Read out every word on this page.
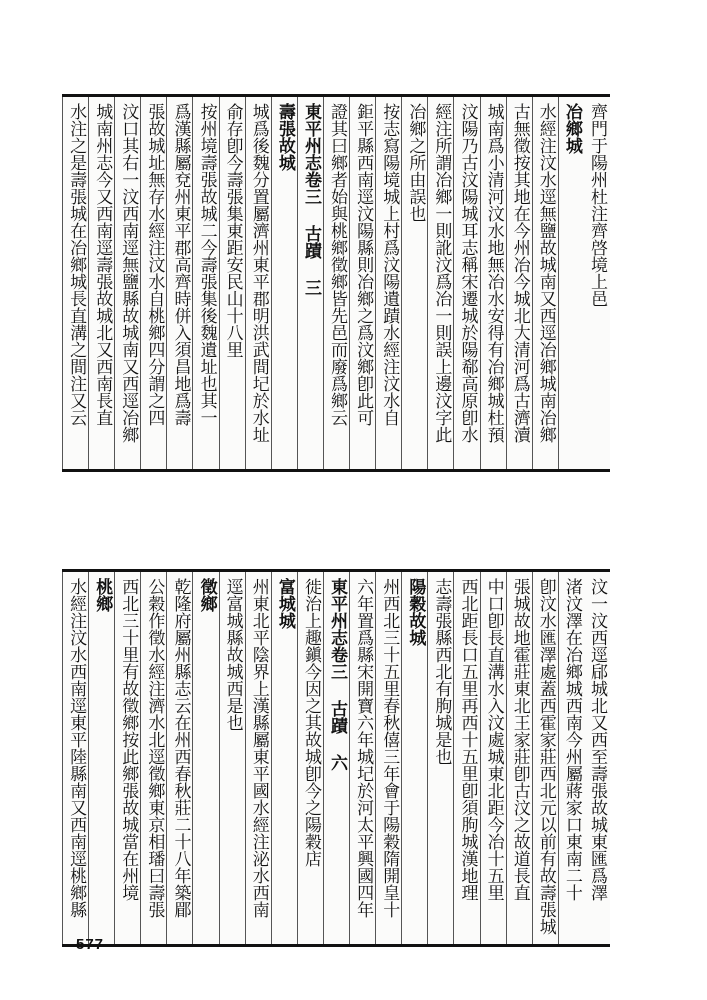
齊門于陽州杜注齊啓境上邑
冶鄉城
水經注汶水逕無鹽故城南又西逕冶鄉城南冶鄉
古無徵按其地在今州冶今城北大清河爲古濟瀆
城南爲小清河汶水地無冶水安得有冶鄉城杜預
汶陽乃古汶陽城耳志稱宋遷城於陽郗高原卽水
經注所謂冶鄉一則訛汶爲冶一則誤上邊汶字此
冶鄉之所由誤也
按志寫陽境城上村爲汶陽遺蹟水經注汶水自
鉅平縣西南逕汶陽縣則冶鄉之爲汶鄉卽此可
證其曰鄉者始與桃鄉徵鄉皆先邑而廢爲鄉云
東平州志卷三 古蹟 三
壽張故城
城爲後魏分置屬濟州東平郡明洪武間圮於水址
俞存卽今壽張集東距安民山十八里
按州境壽張故城二今壽張集後魏遺址也其一
爲漢縣屬兗州東平郡高齊時併入須昌地爲壽
張故城址無存水經注汶水自桃鄉四分謂之四
汶口其右一汶西南逕無鹽縣故城南又西逕冶鄉
城南州志今又西南逕壽張故城北又西南長直
水注之是壽張城在冶鄉城長直溝之間注又云
汶一汶西逕郈城北又西至壽張故城東匯爲澤
渚汶澤在冶鄉城西南今州屬蔣家口東南二十
卽汶水匯澤處蓋西霍家莊西北元以前有故壽張城
張城故地霍莊東北王家莊卽古汶之故道長直
中口卽長直溝水入汶處城東北距今冶十五里
西北距長口五里再西十五里卽須朐城漢地理
志壽張縣西北有朐城是也
陽穀故城
州西北三十五里春秋僖三年會于陽穀隋開皇十
六年置爲縣宋開寶六年城圮於河太平興國四年
東平州志卷三 古蹟 六
徙治上趣鎭今因之其故城卽今之陽穀店
富城城
州東北平陰界上漢縣屬東平國水經注泌水西南
逕富城縣故城西是也
徵鄉
乾隆府屬州縣志云在州西春秋莊二十八年築郿
公穀作徵水經注濟水北逕徵鄉東京相璠曰壽張
西北三十里有故徵鄉按此鄉張故城當在州境
桃鄉
水經注汶水西南逕東平陸縣南又西南逕桃鄉縣
577
